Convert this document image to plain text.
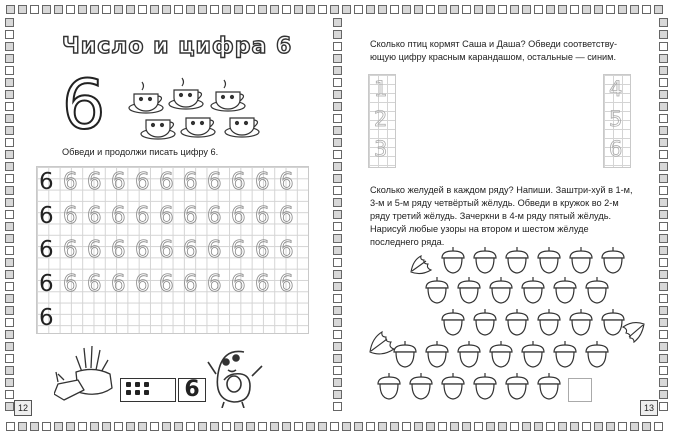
Число и цифра 6
6
Обведи и продолжи писать цифру 6.
6 6 6 6 6 6 6 6 6 6 6
6 6 6 6 6 6 6 6 6 6 6
6 6 6 6 6 6 6 6 6 6 6
6 6 6 6 6 6 6 6 6 6 6
6
6
12
Сколько птиц кормят Саша и Даша? Обведи соответству-ющую цифру красным карандашом, остальные — синим.
1
2
3
4
5
6
Сколько желудей в каждом ряду? Напиши. Заштри-хуй в 1-м, 3-м и 5-м ряду четвёртый жёлудь. Обведи в кружок во 2-м ряду третий жёлудь. Зачеркни в 4-м ряду пятый жёлудь. Нарисуй любые узоры на втором и шестом жёлуде последнего ряда.
13
